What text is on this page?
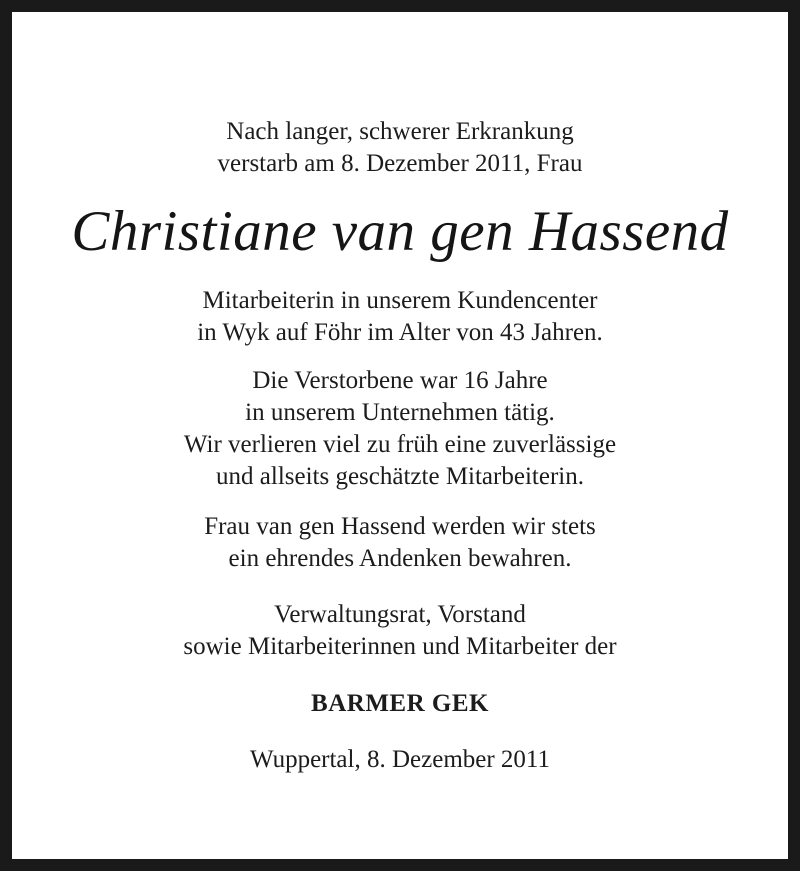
Nach langer, schwerer Erkrankung
verstarb am 8. Dezember 2011, Frau
Christiane van gen Hassend
Mitarbeiterin in unserem Kundencenter
in Wyk auf Föhr im Alter von 43 Jahren.
Die Verstorbene war 16 Jahre
in unserem Unternehmen tätig.
Wir verlieren viel zu früh eine zuverlässige
und allseits geschätzte Mitarbeiterin.
Frau van gen Hassend werden wir stets
ein ehrendes Andenken bewahren.
Verwaltungsrat, Vorstand
sowie Mitarbeiterinnen und Mitarbeiter der
BARMER GEK
Wuppertal, 8. Dezember 2011
